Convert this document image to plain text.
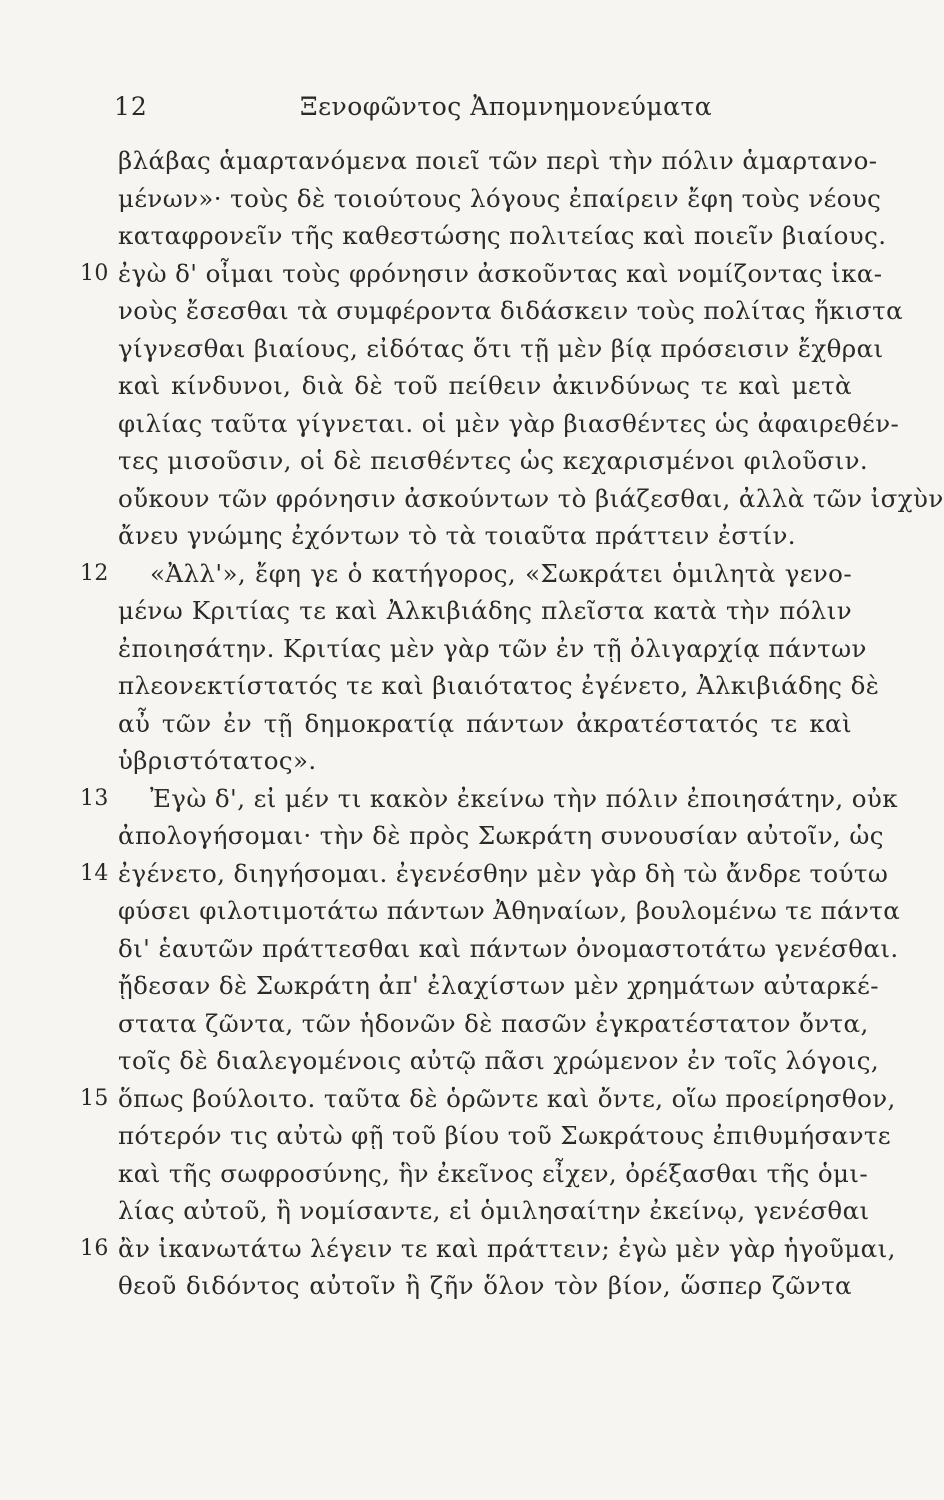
12	Ξενοφῶντος Ἀπομνημονεύματα
βλάβας ἁμαρτανόμενα ποιεῖ τῶν περὶ τὴν πόλιν ἁμαρτανο-
μένων»· τοὺς δὲ τοιούτους λόγους ἐπαίρειν ἔφη τοὺς νέους
καταφρονεῖν τῆς καθεστώσης πολιτείας καὶ ποιεῖν βιαίους.
10 ἐγὼ δ' οἶμαι τοὺς φρόνησιν ἀσκοῦντας καὶ νομίζοντας ἱκα-
νοὺς ἔσεσθαι τὰ συμφέροντα διδάσκειν τοὺς πολίτας ἥκιστα
γίγνεσθαι βιαίους, εἰδότας ὅτι τῇ μὲν βίᾳ πρόσεισιν ἔχθραι
καὶ κίνδυνοι, διὰ δὲ τοῦ πείθειν ἀκινδύνως τε καὶ μετὰ
φιλίας ταῦτα γίγνεται. οἱ μὲν γὰρ βιασθέντες ὡς ἀφαιρεθέν-
τες μισοῦσιν, οἱ δὲ πεισθέντες ὡς κεχαρισμένοι φιλοῦσιν.
οὔκουν τῶν φρόνησιν ἀσκούντων τὸ βιάζεσθαι, ἀλλὰ τῶν ἰσχὺν
ἄνευ γνώμης ἐχόντων τὸ τὰ τοιαῦτα πράττειν ἐστίν.
12 «Ἀλλ'», ἔφη γε ὁ κατήγορος, «Σωκράτει ὁμιλητὰ γενο-
μένω Κριτίας τε καὶ Ἀλκιβιάδης πλεῖστα κατὰ τὴν πόλιν
ἐποιησάτην. Κριτίας μὲν γὰρ τῶν ἐν τῇ ὀλιγαρχίᾳ πάντων
πλεονεκτίστατός τε καὶ βιαιότατος ἐγένετο, Ἀλκιβιάδης δὲ
αὖ τῶν ἐν τῇ δημοκρατίᾳ πάντων ἀκρατέστατός τε καὶ
ὑβριστότατος».
13 Ἐγὼ δ', εἰ μέν τι κακὸν ἐκείνω τὴν πόλιν ἐποιησάτην, οὐκ
ἀπολογήσομαι· τὴν δὲ πρὸς Σωκράτη συνουσίαν αὐτοῖν, ὡς
14 ἐγένετο, διηγήσομαι. ἐγενέσθην μὲν γὰρ δὴ τὼ ἄνδρε τούτω
φύσει φιλοτιμοτάτω πάντων Ἀθηναίων, βουλομένω τε πάντα
δι' ἑαυτῶν πράττεσθαι καὶ πάντων ὀνομαστοτάτω γενέσθαι.
ᾔδεσαν δὲ Σωκράτη ἀπ' ἐλαχίστων μὲν χρημάτων αὐταρκέ-
στατα ζῶντα, τῶν ἡδονῶν δὲ πασῶν ἐγκρατέστατον ὄντα,
τοῖς δὲ διαλεγομένοις αὐτῷ πᾶσι χρώμενον ἐν τοῖς λόγοις,
15 ὅπως βούλοιτο. ταῦτα δὲ ὁρῶντε καὶ ὄντε, οἵω προείρησθον,
πότερόν τις αὐτὼ φῇ τοῦ βίου τοῦ Σωκράτους ἐπιθυμήσαντε
καὶ τῆς σωφροσύνης, ἣν ἐκεῖνος εἶχεν, ὀρέξασθαι τῆς ὁμι-
λίας αὐτοῦ, ἢ νομίσαντε, εἰ ὁμιλησαίτην ἐκείνῳ, γενέσθαι
16 ἂν ἱκανωτάτω λέγειν τε καὶ πράττειν; ἐγὼ μὲν γὰρ ἡγοῦμαι,
θεοῦ διδόντος αὐτοῖν ἢ ζῆν ὅλον τὸν βίον, ὥσπερ ζῶντα
